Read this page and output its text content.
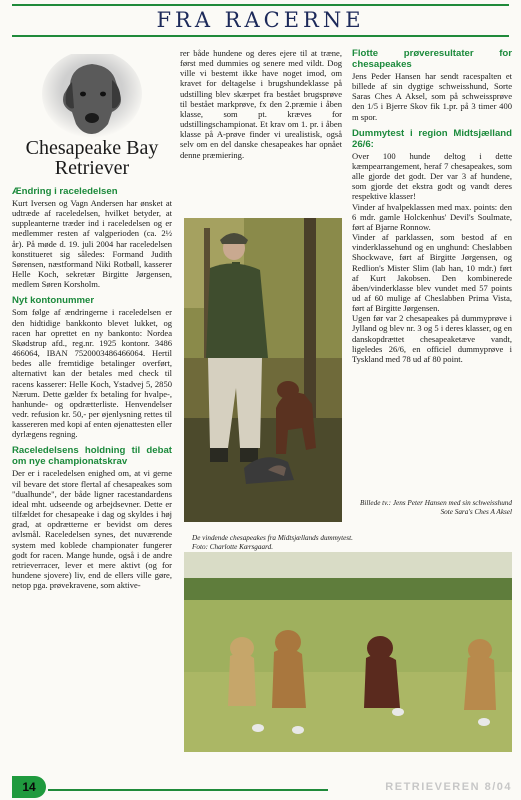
FRA RACERNE
Chesapeake Bay Retriever
Ændring i raceledelsen

Kurt Iversen og Vagn Andersen har ønsket at udtræde af raceledelsen, hvilket betyder, at suppleanterne træder ind i raceledelsen og er medlemmer resten af valgperioden (ca. 2½ år). På møde d. 19. juli 2004 har raceledelsen konstitueret sig således: Formand Judith Sørensen, næstformand Niki Rotbøll, kasserer Helle Koch, sekretær Birgitte Jørgensen, medlem Søren Korsholm.

Nyt kontonummer

Som følge af ændringerne i raceledelsen er den hidtidige bankkonto blevet lukket, og racen har oprettet en ny bankonto: Nordea Skødstrup afd., reg.nr. 1925 kontonr. 3486 466064, IBAN 7520003486466064. Hertil bedes alle fremtidige betalinger overført, alternativt kan der betales med check til racens kasserer: Helle Koch, Ystadvej 5, 2850 Nærum. Dette gælder fx betaling for hvalpe-, hanhunde- og opdrætterliste. Henvendelser vedr. refusion kr. 50,- per øjenlysning rettes til kassereren med kopi af enten øjenattesten eller dyrlægens regning.

Raceledelsens holdning til debat om nye championatskrav

Der er i raceledelsen enighed om, at vi gerne vil bevare det store flertal af chesapeakes som "dualhunde", der både ligner racestandardens ideal mht. udseende og arbejdsevner. Dette er tilfældet for chesapeake i dag og skyldes i høj grad, at opdrætterne er bevidst om deres avlsmål. Raceledelsen synes, det nuværende system med koblede championater fungerer godt for racen. Mange hunde, også i de andre retrieverracer, lever et mere aktivt (og for hundene sjovere) liv, end de ellers ville gøre, netop pga. prøvekravene, som aktive-

rer både hundene og deres ejere til at træne, først med dummies og senere med vildt. Dog ville vi bestemt ikke have noget imod, om kravet for deltagelse i brugshundeklasse på udstilling blev skærpet fra bestået brugsprøve til bestået markprøve, fx den 2.præmie i åben klasse, som pt. kræves for udstillingschampionat. Et krav om 1. pr. i åben klasse på A-prøve finder vi urealistisk, også selv om en del danske chesapeakes har opnået denne præmiering.

Flotte prøveresultater for chesapeakes

Jens Peder Hansen har sendt racespalten et billede af sin dygtige schweisshund, Sorte Saras Ches A Aksel, som på schweissprøve den 1/5 i Bjerre Skov fik 1.pr. på 3 timer 400 m spor.

Dummytest i region Midtsjælland 26/6:

Over 100 hunde deltog i dette kæmpearrangement, heraf 7 chesapeakes, som alle gjorde det godt. Der var 3 af hundene, som gjorde det ekstra godt og vandt deres respektive klasser!

Vinder af hvalpeklassen med max. points: den 6 mdr. gamle Holckenhus' Devil's Soulmate, ført af Bjarne Ronnow.

Vinder af parklassen, som bestod af en vinderklassehund og en unghund: Cheslabben Shockwave, ført af Birgitte Jørgensen, og Redlion's Mister Slim (lab han, 10 mdr.) ført af Kurt Jakobsen. Den kombinerede åben/vinderklasse blev vundet med 57 points ud af 60 mulige af Cheslabben Prima Vista, ført af Birgitte Jørgensen.

Ugen før var 2 chesapeakes på dummyprøve i Jylland og blev nr. 3 og 5 i deres klasser, og en danskopdrættet chesapeaketæve vandt, ligeledes 26/6, en officiel dummyprøve i Tyskland med 78 ud af 80 point.

Billede tv.: Jens Peter Hansen med sin schweisshund Sote Sara's Ches A Aksel
De vindende chesapeakes fra Midtsjællands dummytest.
Foto: Charlotte Kærsgaard.
14	RETRIEVEREN 8/04
